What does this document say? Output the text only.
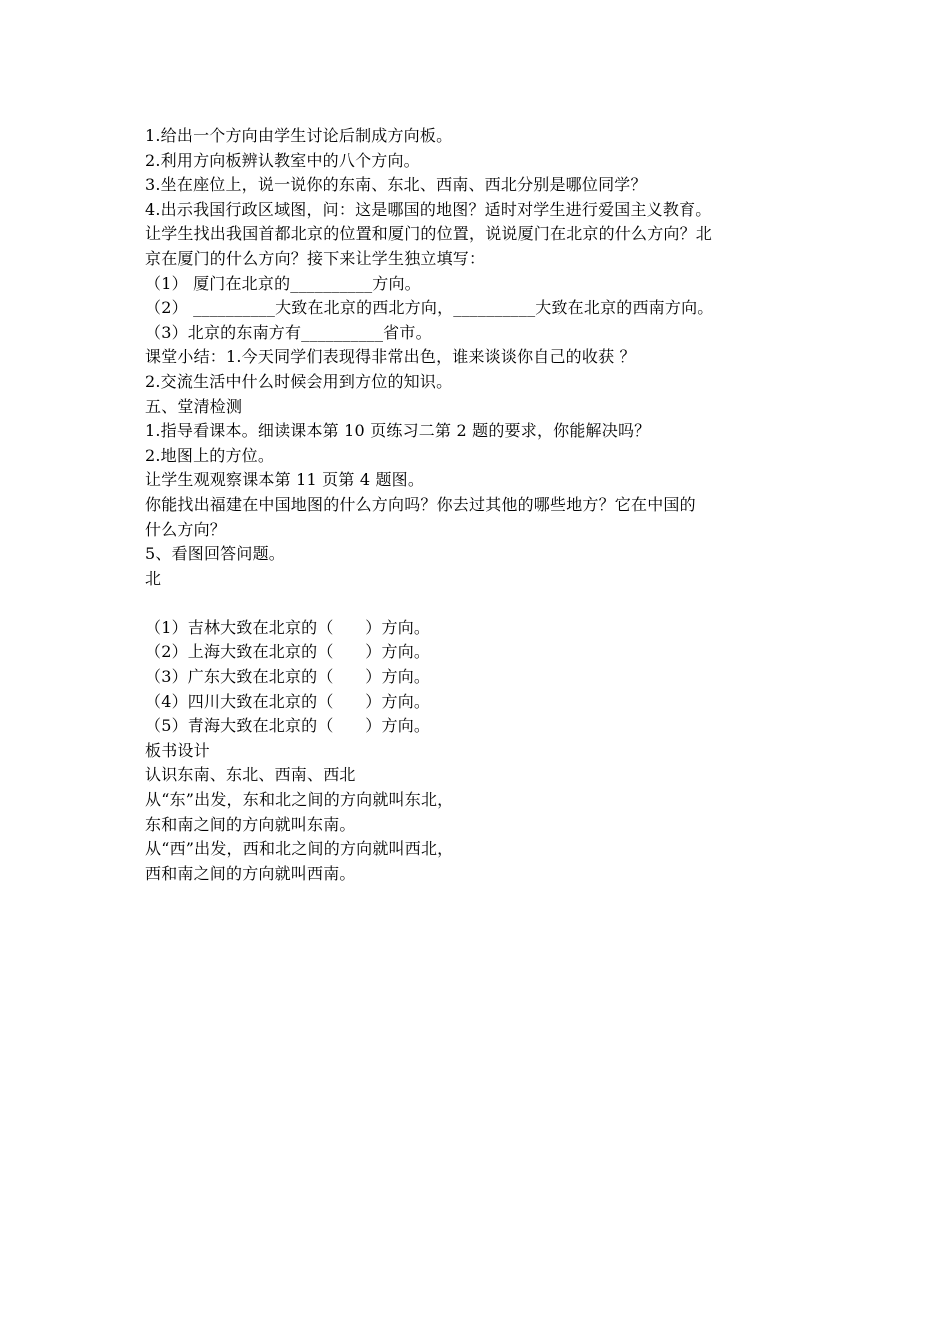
1.给出一个方向由学生讨论后制成方向板。
2.利用方向板辨认教室中的八个方向。
3.坐在座位上，说一说你的东南、东北、西南、西北分别是哪位同学？
4.出示我国行政区域图，问：这是哪国的地图？适时对学生进行爱国主义教育。
让学生找出我国首都北京的位置和厦门的位置，说说厦门在北京的什么方向？北
京在厦门的什么方向？接下来让学生独立填写：
（1） 厦门在北京的__________方向。
（2） __________大致在北京的西北方向，__________大致在北京的西南方向。
（3）北京的东南方有__________省市。
课堂小结：1.今天同学们表现得非常出色，谁来谈谈你自己的收获 ？
2.交流生活中什么时候会用到方位的知识。
五、堂清检测
1.指导看课本。细读课本第 10 页练习二第 2 题的要求，你能解决吗？
2.地图上的方位。
让学生观观察课本第 11 页第 4 题图。
你能找出福建在中国地图的什么方向吗？你去过其他的哪些地方？它在中国的
什么方向？
5、看图回答问题。
北
（1）吉林大致在北京的（      ）方向。
（2）上海大致在北京的（      ）方向。
（3）广东大致在北京的（      ）方向。
（4）四川大致在北京的（      ）方向。
（5）青海大致在北京的（      ）方向。
板书设计
认识东南、东北、西南、西北
从“东”出发，东和北之间的方向就叫东北，
东和南之间的方向就叫东南。
从“西”出发，西和北之间的方向就叫西北，
西和南之间的方向就叫西南。
